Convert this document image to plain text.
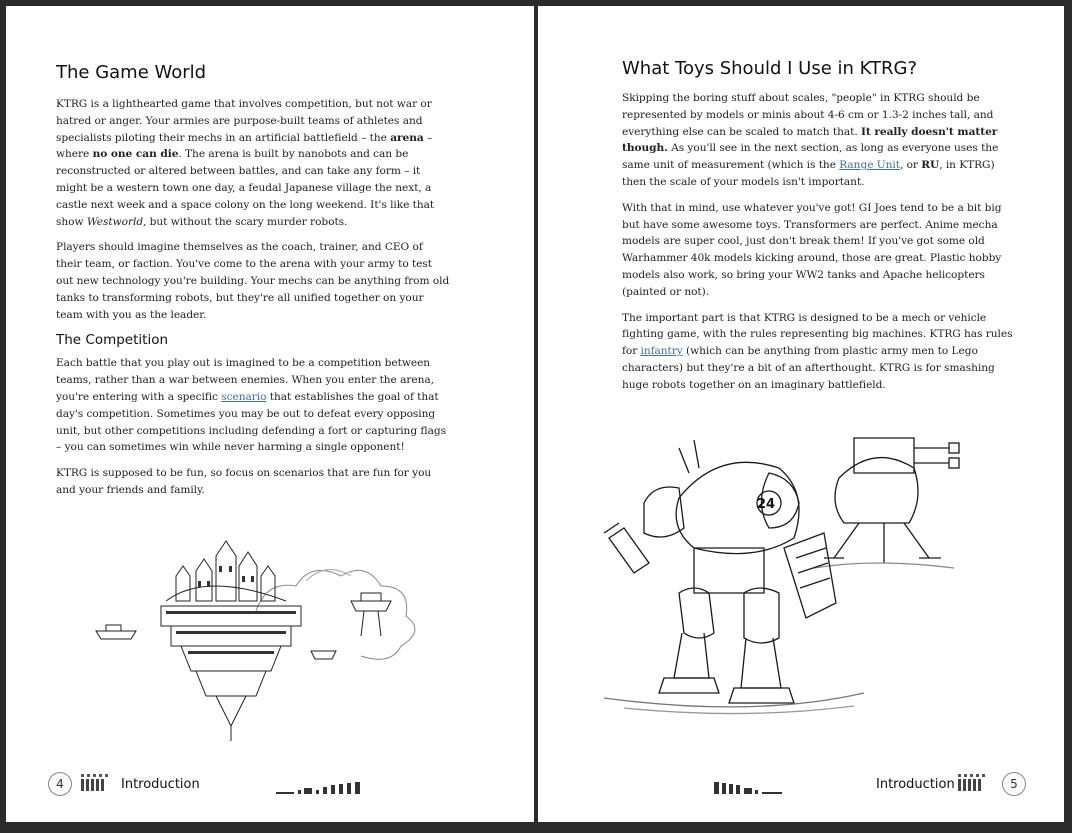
The Game World

KTRG is a lighthearted game that involves competition, but not war or hatred or anger. Your armies are purpose-built teams of athletes and specialists piloting their mechs in an artificial battlefield – the arena – where no one can die. The arena is built by nanobots and can be reconstructed or altered between battles, and can take any form – it might be a western town one day, a feudal Japanese village the next, a castle next week and a space colony on the long weekend. It's like that show Westworld, but without the scary murder robots.

Players should imagine themselves as the coach, trainer, and CEO of their team, or faction. You've come to the arena with your army to test out new technology you're building. Your mechs can be anything from old tanks to transforming robots, but they're all unified together on your team with you as the leader.

The Competition

Each battle that you play out is imagined to be a competition between teams, rather than a war between enemies. When you enter the arena, you're entering with a specific scenario that establishes the goal of that day's competition. Sometimes you may be out to defeat every opposing unit, but other competitions including defending a fort or capturing flags – you can sometimes win while never harming a single opponent!

KTRG is supposed to be fun, so focus on scenarios that are fun for you and your friends and family.

4	Introduction
What Toys Should I Use in KTRG?

Skipping the boring stuff about scales, "people" in KTRG should be represented by models or minis about 4-6 cm or 1.3-2 inches tall, and everything else can be scaled to match that. It really doesn't matter though. As you'll see in the next section, as long as everyone uses the same unit of measurement (which is the Range Unit, or RU, in KTRG) then the scale of your models isn't important.

With that in mind, use whatever you've got! GI Joes tend to be a bit big but have some awesome toys. Transformers are perfect. Anime mecha models are super cool, just don't break them! If you've got some old Warhammer 40k models kicking around, those are great. Plastic hobby models also work, so bring your WW2 tanks and Apache helicopters (painted or not).

The important part is that KTRG is designed to be a mech or vehicle fighting game, with the rules representing big machines. KTRG has rules for infantry (which can be anything from plastic army men to Lego characters) but they're a bit of an afterthought. KTRG is for smashing huge robots together on an imaginary battlefield.

24
Introduction	5
